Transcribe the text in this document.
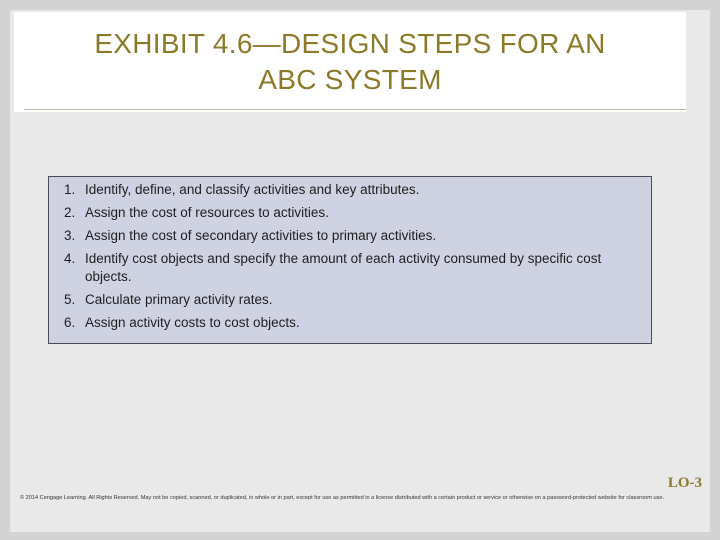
EXHIBIT 4.6—DESIGN STEPS FOR AN
ABC SYSTEM
1. Identify, define, and classify activities and key attributes.
2. Assign the cost of resources to activities.
3. Assign the cost of secondary activities to primary activities.
4. Identify cost objects and specify the amount of each activity consumed by specific cost objects.
5. Calculate primary activity rates.
6. Assign activity costs to cost objects.
LO-3
© 2014 Cengage Learning. All Rights Reserved. May not be copied, scanned, or duplicated, in whole or in part, except for use as permitted in a license distributed with a certain product or service or otherwise on a password-protected website for classroom use.
